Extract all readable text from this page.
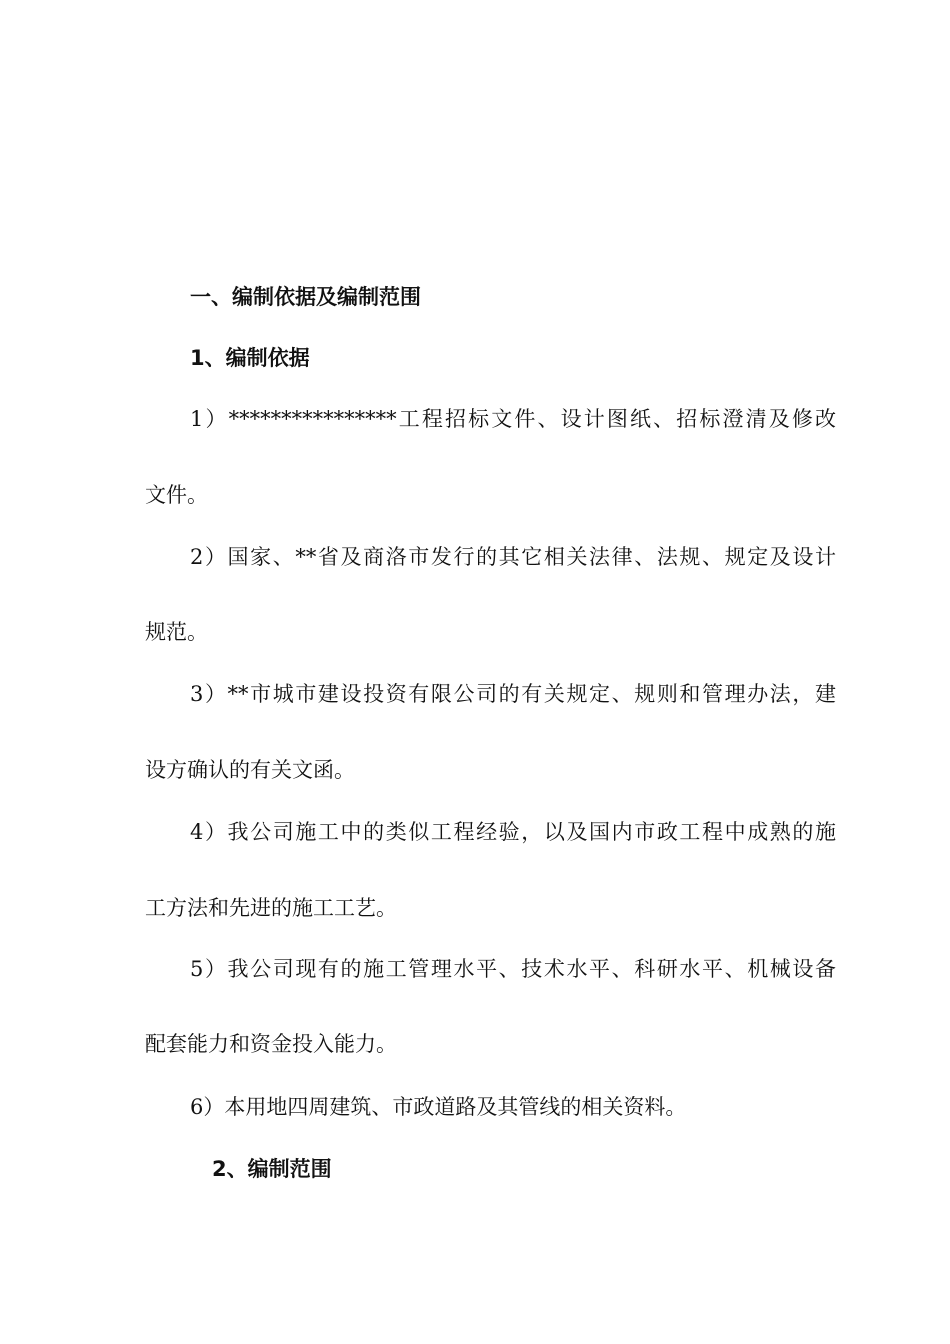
一、编制依据及编制范围
1、编制依据
1）****************工程招标文件、设计图纸、招标澄清及修改
文件。
2）国家、**省及商洛市发行的其它相关法律、法规、规定及设计
规范。
3）**市城市建设投资有限公司的有关规定、规则和管理办法，建
设方确认的有关文函。
4）我公司施工中的类似工程经验，以及国内市政工程中成熟的施
工方法和先进的施工工艺。
5）我公司现有的施工管理水平、技术水平、科研水平、机械设备
配套能力和资金投入能力。
6）本用地四周建筑、市政道路及其管线的相关资料。
2、编制范围
